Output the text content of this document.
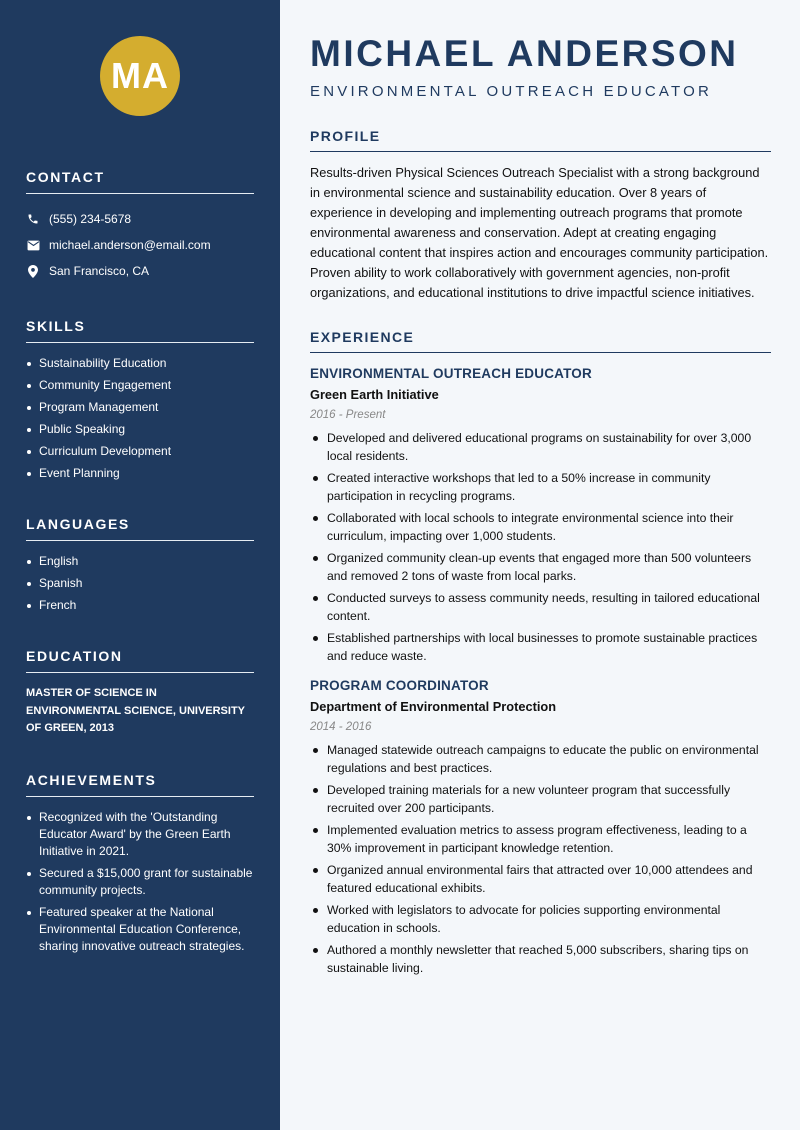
MA
CONTACT
(555) 234-5678
michael.anderson@email.com
San Francisco, CA
SKILLS
Sustainability Education
Community Engagement
Program Management
Public Speaking
Curriculum Development
Event Planning
LANGUAGES
English
Spanish
French
EDUCATION
MASTER OF SCIENCE IN ENVIRONMENTAL SCIENCE, UNIVERSITY OF GREEN, 2013
ACHIEVEMENTS
Recognized with the 'Outstanding Educator Award' by the Green Earth Initiative in 2021.
Secured a $15,000 grant for sustainable community projects.
Featured speaker at the National Environmental Education Conference, sharing innovative outreach strategies.
MICHAEL ANDERSON
ENVIRONMENTAL OUTREACH EDUCATOR
PROFILE

Results-driven Physical Sciences Outreach Specialist with a strong background in environmental science and sustainability education. Over 8 years of experience in developing and implementing outreach programs that promote environmental awareness and conservation. Adept at creating engaging educational content that inspires action and encourages community participation. Proven ability to work collaboratively with government agencies, non-profit organizations, and educational institutions to drive impactful science initiatives.

EXPERIENCE
ENVIRONMENTAL OUTREACH EDUCATOR
Green Earth Initiative
2016 - Present
Developed and delivered educational programs on sustainability for over 3,000 local residents.
Created interactive workshops that led to a 50% increase in community participation in recycling programs.
Collaborated with local schools to integrate environmental science into their curriculum, impacting over 1,000 students.
Organized community clean-up events that engaged more than 500 volunteers and removed 2 tons of waste from local parks.
Conducted surveys to assess community needs, resulting in tailored educational content.
Established partnerships with local businesses to promote sustainable practices and reduce waste.
PROGRAM COORDINATOR
Department of Environmental Protection
2014 - 2016
Managed statewide outreach campaigns to educate the public on environmental regulations and best practices.
Developed training materials for a new volunteer program that successfully recruited over 200 participants.
Implemented evaluation metrics to assess program effectiveness, leading to a 30% improvement in participant knowledge retention.
Organized annual environmental fairs that attracted over 10,000 attendees and featured educational exhibits.
Worked with legislators to advocate for policies supporting environmental education in schools.
Authored a monthly newsletter that reached 5,000 subscribers, sharing tips on sustainable living.
